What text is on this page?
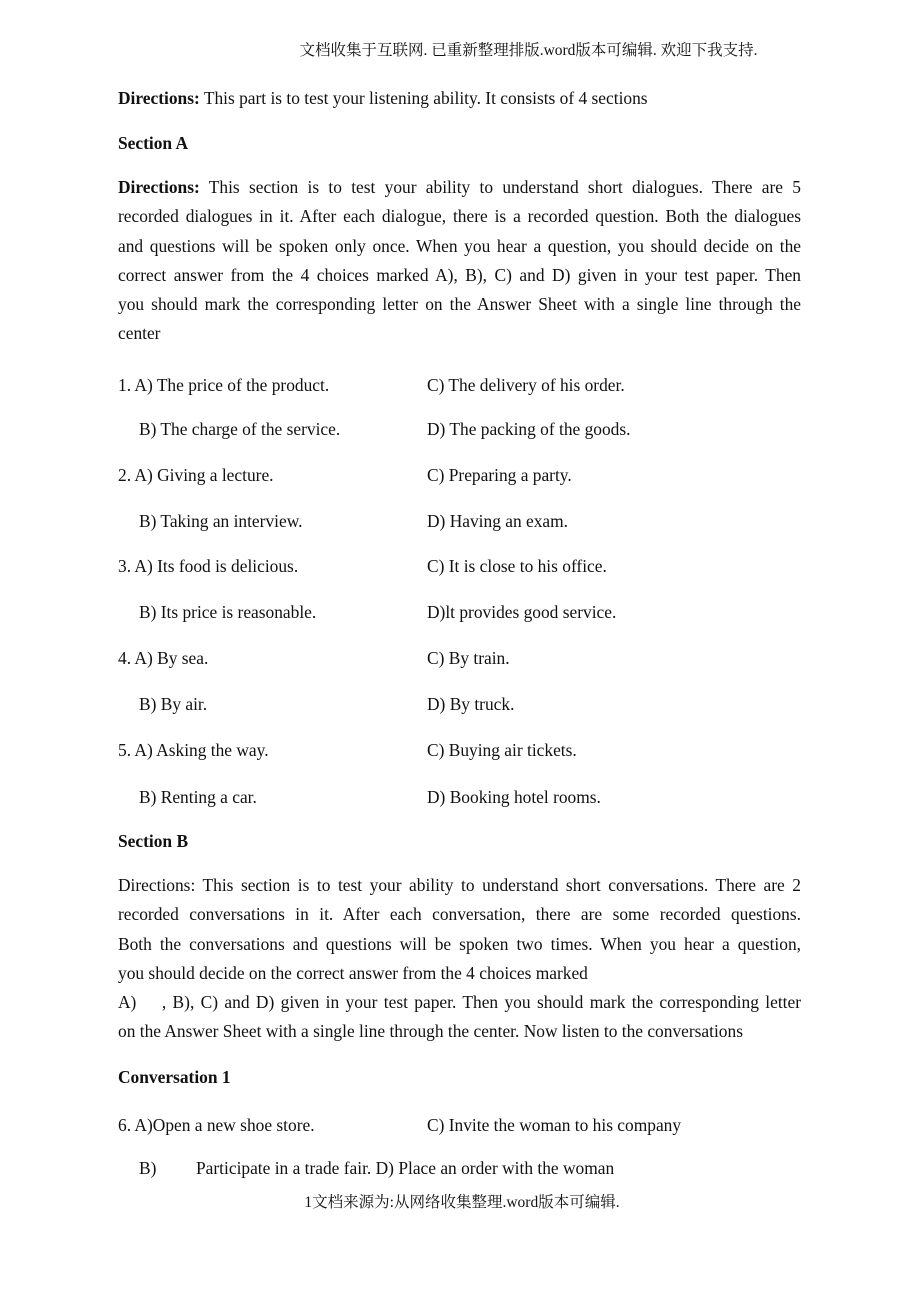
文档收集于互联网. 已重新整理排版.word版本可编辑. 欢迎下我支持.
Directions: This part is to test your listening ability. It consists of 4 sections
Section A
Directions: This section is to test your ability to understand short dialogues. There are 5
recorded dialogues in it. After each dialogue, there is a recorded question. Both the dialogues
and questions will be spoken only once. When you hear a question, you should decide on the
correct answer from the 4 choices marked A), B), C) and D) given in your test paper. Then
you should mark the corresponding letter on the Answer Sheet with a single line through the
center
1. A) The price of the product.	C) The delivery of his order.
B) The charge of the service.	D) The packing of the goods.
2. A) Giving a lecture.	C) Preparing a party.
B) Taking an interview.	D) Having an exam.
3. A) Its food is delicious.	C) It is close to his office.
B) Its price is reasonable.	D)lt provides good service.
4. A) By sea.	C) By train.
B) By air.	D) By truck.
5. A) Asking the way.	C) Buying air tickets.
B) Renting a car.	D) Booking hotel rooms.
Section B
Directions: This section is to test your ability to understand short conversations. There are 2
recorded conversations in it. After each conversation, there are some recorded questions.
Both the conversations and questions will be spoken two times. When you hear a question,
you should decide on the correct answer from the 4 choices marked
A)    , B), C) and D) given in your test paper. Then you should mark the corresponding letter
on the Answer Sheet with a single line through the center. Now listen to the conversations
Conversation 1
6. A)Open a new shoe store.	C) Invite the woman to his company
B) Participate in a trade fair. D) Place an order with the woman
1文档来源为:从网络收集整理.word版本可编辑.
